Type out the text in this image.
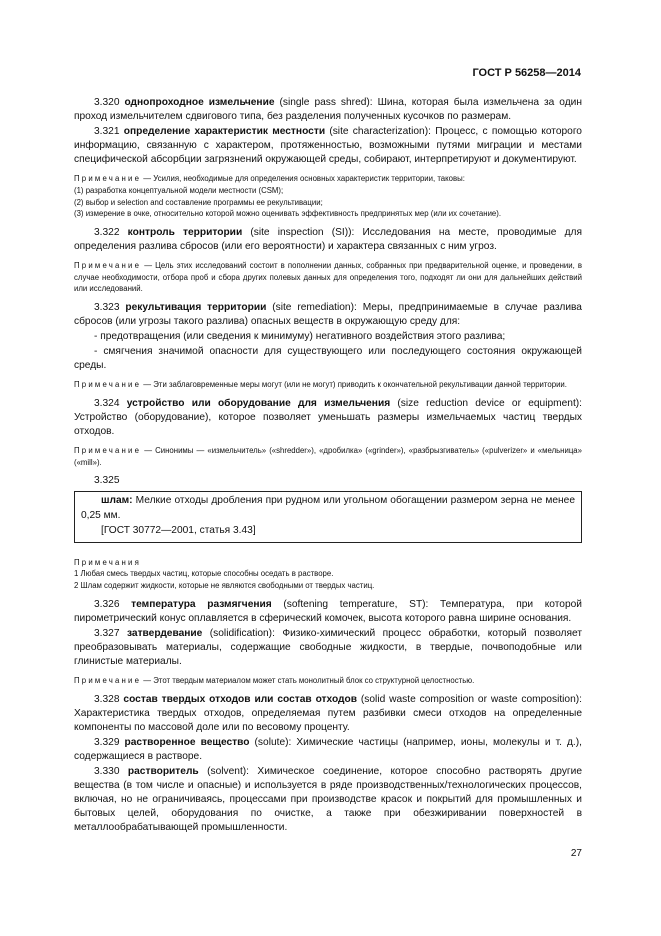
ГОСТ Р 56258—2014

3.320 однопроходное измельчение (single pass shred): Шина, которая была измельчена за один проход измельчителем сдвигового типа, без разделения полученных кусочков по размерам.

3.321 определение характеристик местности (site characterization): Процесс, с помощью которого информацию, связанную с характером, протяженностью, возможными путями миграции и местами специфической абсорбции загрязнений окружающей среды, собирают, интерпретируют и документируют.

Примечание — Усилия, необходимые для определения основных характеристик территории, таковы:
(1) разработка концептуальной модели местности (CSM);
(2) выбор и selection and составление программы ее рекультивации;
(3) измерение в очке, относительно которой можно оценивать эффективность предпринятых мер (или их сочетание).

3.322 контроль территории (site inspection (SI)): Исследования на месте, проводимые для определения разлива сбросов (или его вероятности) и характера связанных с ним угроз.

Примечание — Цель этих исследований состоит в пополнении данных, собранных при предварительной оценке, и проведении, в случае необходимости, отбора проб и сбора других полевых данных для определения того, подходят ли они для дальнейших действий или исследований.

3.323 рекультивация территории (site remediation): Меры, предпринимаемые в случае разлива сбросов (или угрозы такого разлива) опасных веществ в окружающую среду для:

- предотвращения (или сведения к минимуму) негативного воздействия этого разлива;

- смягчения значимой опасности для существующего или последующего состояния окружающей среды.

Примечание — Эти заблаговременные меры могут (или не могут) приводить к окончательной рекультивации данной территории.

3.324 устройство или оборудование для измельчения (size reduction device or equipment): Устройство (оборудование), которое позволяет уменьшать размеры измельчаемых частиц твердых отходов.

Примечание — Синонимы — «измельчитель» («shredder»), «дробилка» («grinder»), «разбрызгиватель» («pulverizer» и «мельница» («mill»).

3.325

шлам: Мелкие отходы дробления при рудном или угольном обогащении размером зерна не менее 0,25 мм.

[ГОСТ 30772—2001, статья 3.43]

Примечания
1 Любая смесь твердых частиц, которые способны оседать в растворе.
2 Шлам содержит жидкости, которые не являются свободными от твердых частиц.

3.326 температура размягчения (softening temperature, ST): Температура, при которой пирометрический конус оплавляется в сферический комочек, высота которого равна ширине основания.

3.327 затвердевание (solidification): Физико-химический процесс обработки, который позволяет преобразовывать материалы, содержащие свободные жидкости, в твердые, почвоподобные или глинистые материалы.

Примечание — Этот твердым материалом может стать монолитный блок со структурной целостностью.

3.328 состав твердых отходов или состав отходов (solid waste composition or waste composition): Характеристика твердых отходов, определяемая путем разбивки смеси отходов на определенные компоненты по массовой доле или по весовому проценту.

3.329 растворенное вещество (solute): Химические частицы (например, ионы, молекулы и т. д.), содержащиеся в растворе.

3.330 растворитель (solvent): Химическое соединение, которое способно растворять другие вещества (в том числе и опасные) и используется в ряде производственных/технологических процессов, включая, но не ограничиваясь, процессами при производстве красок и покрытий для промышленных и бытовых целей, оборудования по очистке, а также при обезжиривании поверхностей в металлообрабатывающей промышленности.

27
